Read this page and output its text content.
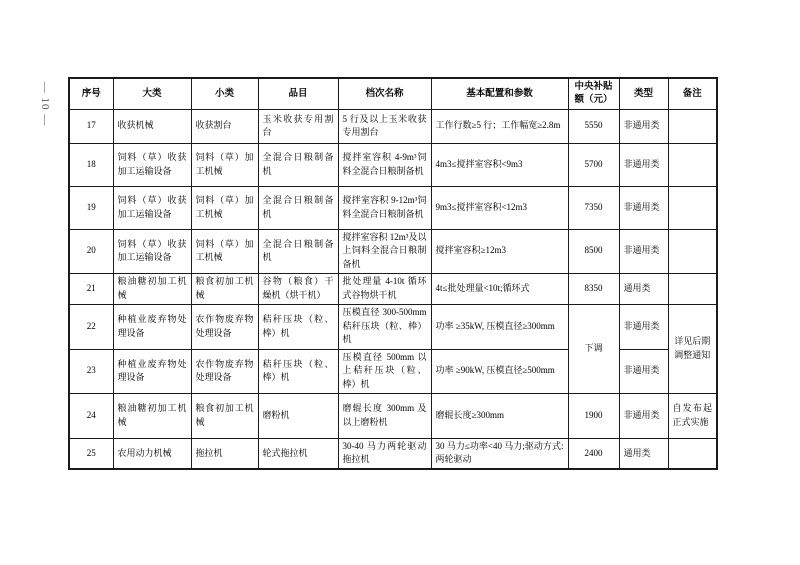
— 10 —	序号	大类	小类	品目	档次名称	基本配置和参数	中央补贴额（元）	类型	备注
17	收获机械	收获割台	玉米收获专用割台	5 行及以上玉米收获专用割台	工作行数≥5 行；工作幅宽≥2.8m	5550	非通用类	
18	饲料（草）收获加工运输设备	饲料（草）加工机械	全混合日粮制备机	搅拌室容积 4-9m³饲料全混合日粮制备机	4m3≤搅拌室容积<9m3	5700	非通用类	
19	饲料（草）收获加工运输设备	饲料（草）加工机械	全混合日粮制备机	搅拌室容积 9-12m³饲料全混合日粮制备机	9m3≤搅拌室容积<12m3	7350	非通用类	
20	饲料（草）收获加工运输设备	饲料（草）加工机械	全混合日粮制备机	搅拌室容积 12m³及以上饲料全混合日粮制备机	搅拌室容积≥12m3	8500	非通用类	
21	粮油糖初加工机械	粮食初加工机械	谷物（粮食）干燥机（烘干机）	批处理量 4-10t 循环式谷物烘干机	4t≤批处理量<10t;循环式	8350	通用类	
22	种植业废弃物处理设备	农作物废弃物处理设备	秸秆压块（粒、棒）机	压模直径 300-500mm 秸秆压块（粒、棒）机	功率 ≥35kW, 压模直径≥300mm	下调	非通用类	详见后期调整通知
23	种植业废弃物处理设备	农作物废弃物处理设备	秸秆压块（粒、棒）机	压模直径 500mm 以上秸秆压块（粒、棒）机	功率 ≥90kW, 压模直径≥500mm		非通用类	
24	粮油糖初加工机械	粮食初加工机械	磨粉机	磨辊长度 300mm 及以上磨粉机	磨辊长度≥300mm	1900	非通用类	自发布起正式实施
25	农用动力机械	拖拉机	轮式拖拉机	30-40 马力两轮驱动拖拉机	30 马力≤功率<40 马力;驱动方式:两轮驱动	2400	通用类	
